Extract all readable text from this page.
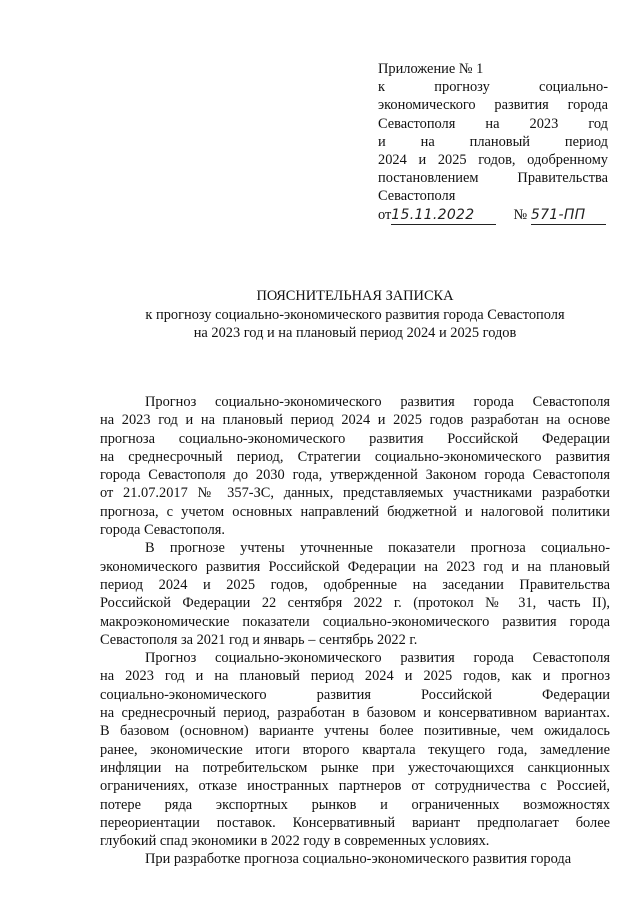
Приложение № 1
к прогнозу социально-
экономического развития города
Севастополя на 2023 год
и на плановый период
2024 и 2025 годов, одобренному
постановлением Правительства
Севастополя
от15.11.2022	№ 571-ПП
ПОЯСНИТЕЛЬНАЯ ЗАПИСКА
к прогнозу социально-экономического развития города Севастополя
на 2023 год и на плановый период 2024 и 2025 годов
Прогноз социально-экономического развития города Севастополя
на 2023 год и на плановый период 2024 и 2025 годов разработан на основе
прогноза социально-экономического развития Российской Федерации
на среднесрочный период, Стратегии социально-экономического развития
города Севастополя до 2030 года, утвержденной Законом города Севастополя
от 21.07.2017 № 357-ЗС, данных, представляемых участниками разработки
прогноза, с учетом основных направлений бюджетной и налоговой политики
города Севастополя.
В прогнозе учтены уточненные показатели прогноза социально-
экономического развития Российской Федерации на 2023 год и на плановый
период 2024 и 2025 годов, одобренные на заседании Правительства
Российской Федерации 22 сентября 2022 г. (протокол № 31, часть II),
макроэкономические показатели социально-экономического развития города
Севастополя за 2021 год и январь – сентябрь 2022 г.
Прогноз социально-экономического развития города Севастополя
на 2023 год и на плановый период 2024 и 2025 годов, как и прогноз
социально-экономического развития Российской Федерации
на среднесрочный период, разработан в базовом и консервативном вариантах.
В базовом (основном) варианте учтены более позитивные, чем ожидалось
ранее, экономические итоги второго квартала текущего года, замедление
инфляции на потребительском рынке при ужесточающихся санкционных
ограничениях, отказе иностранных партнеров от сотрудничества с Россией,
потере ряда экспортных рынков и ограниченных возможностях
переориентации поставок. Консервативный вариант предполагает более
глубокий спад экономики в 2022 году в современных условиях.
При разработке прогноза социально-экономического развития города
